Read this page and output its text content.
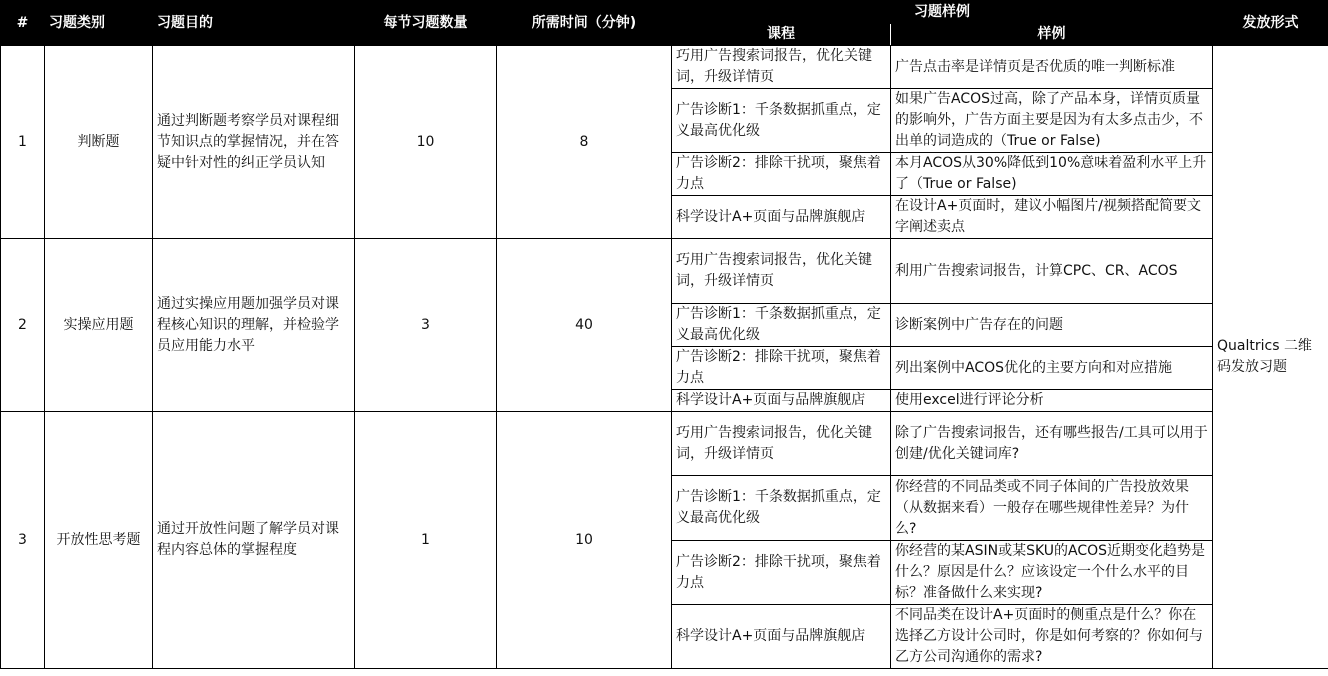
#	习题类别	习题目的	每节习题数量	所需时间（分钟)	习题样例		发放形式
					课程	样例	
1	判断题	通过判断题考察学员对课程细节知识点的掌握情况，并在答疑中针对性的纠正学员认知	10	8	巧用广告搜索词报告，优化关键词，升级详情页	广告点击率是详情页是否优质的唯一判断标准	Qualtrics 二维码发放习题
					广告诊断1：千条数据抓重点，定义最高优化级	如果广告ACOS过高，除了产品本身，详情页质量的影响外，广告方面主要是因为有太多点击少，不出单的词造成的（True or False)	
					广告诊断2：排除干扰项，聚焦着力点	本月ACOS从30%降低到10%意味着盈利水平上升了（True or False)	
					科学设计A+页面与品牌旗舰店	在设计A+页面时，建议小幅图片/视频搭配简要文字阐述卖点	
2	实操应用题	通过实操应用题加强学员对课程核心知识的理解，并检验学员应用能力水平	3	40	巧用广告搜索词报告，优化关键词，升级详情页	利用广告搜索词报告，计算CPC、CR、ACOS	
					广告诊断1：千条数据抓重点，定义最高优化级	诊断案例中广告存在的问题	
					广告诊断2：排除干扰项，聚焦着力点	列出案例中ACOS优化的主要方向和对应措施	
					科学设计A+页面与品牌旗舰店	使用excel进行评论分析	
3	开放性思考题	通过开放性问题了解学员对课程内容总体的掌握程度	1	10	巧用广告搜索词报告，优化关键词，升级详情页	除了广告搜索词报告，还有哪些报告/工具可以用于创建/优化关键词库?	
					广告诊断1：千条数据抓重点，定义最高优化级	你经营的不同品类或不同子体间的广告投放效果（从数据来看）一般存在哪些规律性差异？为什么?	
					广告诊断2：排除干扰项，聚焦着力点	你经营的某ASIN或某SKU的ACOS近期变化趋势是什么？原因是什么？应该设定一个什么水平的目标？准备做什么来实现?	
					科学设计A+页面与品牌旗舰店	不同品类在设计A+页面时的侧重点是什么？你在选择乙方设计公司时，你是如何考察的？你如何与乙方公司沟通你的需求?	
